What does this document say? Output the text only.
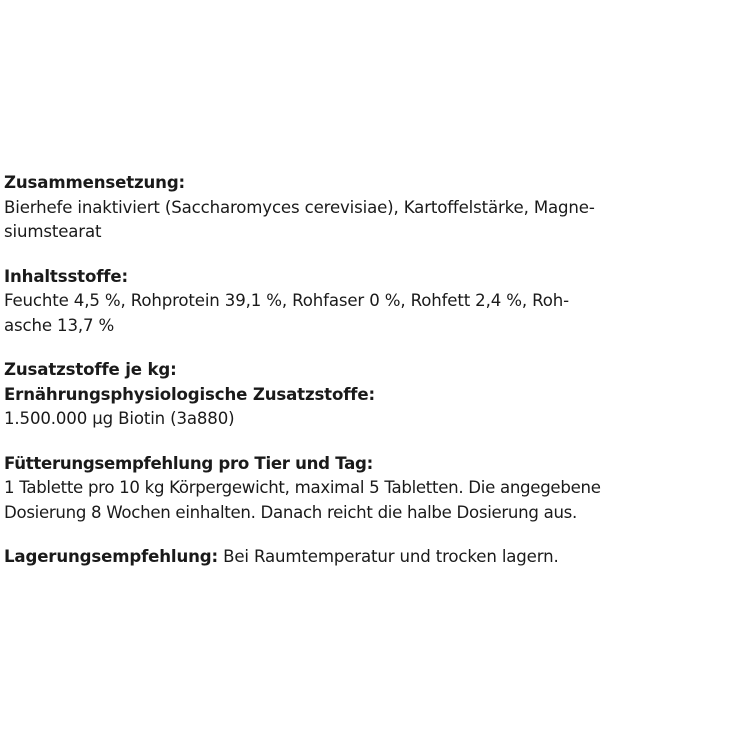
Zusammensetzung:
Bierhefe inaktiviert (Saccharomyces cerevisiae), Kartoffelstärke, Magne-
siumstearat
Inhaltsstoffe:
Feuchte 4,5 %, Rohprotein 39,1 %, Rohfaser 0 %, Rohfett 2,4 %, Roh-
asche 13,7 %
Zusatzstoffe je kg:
Ernährungsphysiologische Zusatzstoffe:
1.500.000 µg Biotin (3a880)
Fütterungsempfehlung pro Tier und Tag:
1 Tablette pro 10 kg Körpergewicht, maximal 5 Tabletten. Die angegebene
Dosierung 8 Wochen einhalten. Danach reicht die halbe Dosierung aus.
Lagerungsempfehlung: Bei Raumtemperatur und trocken lagern.
